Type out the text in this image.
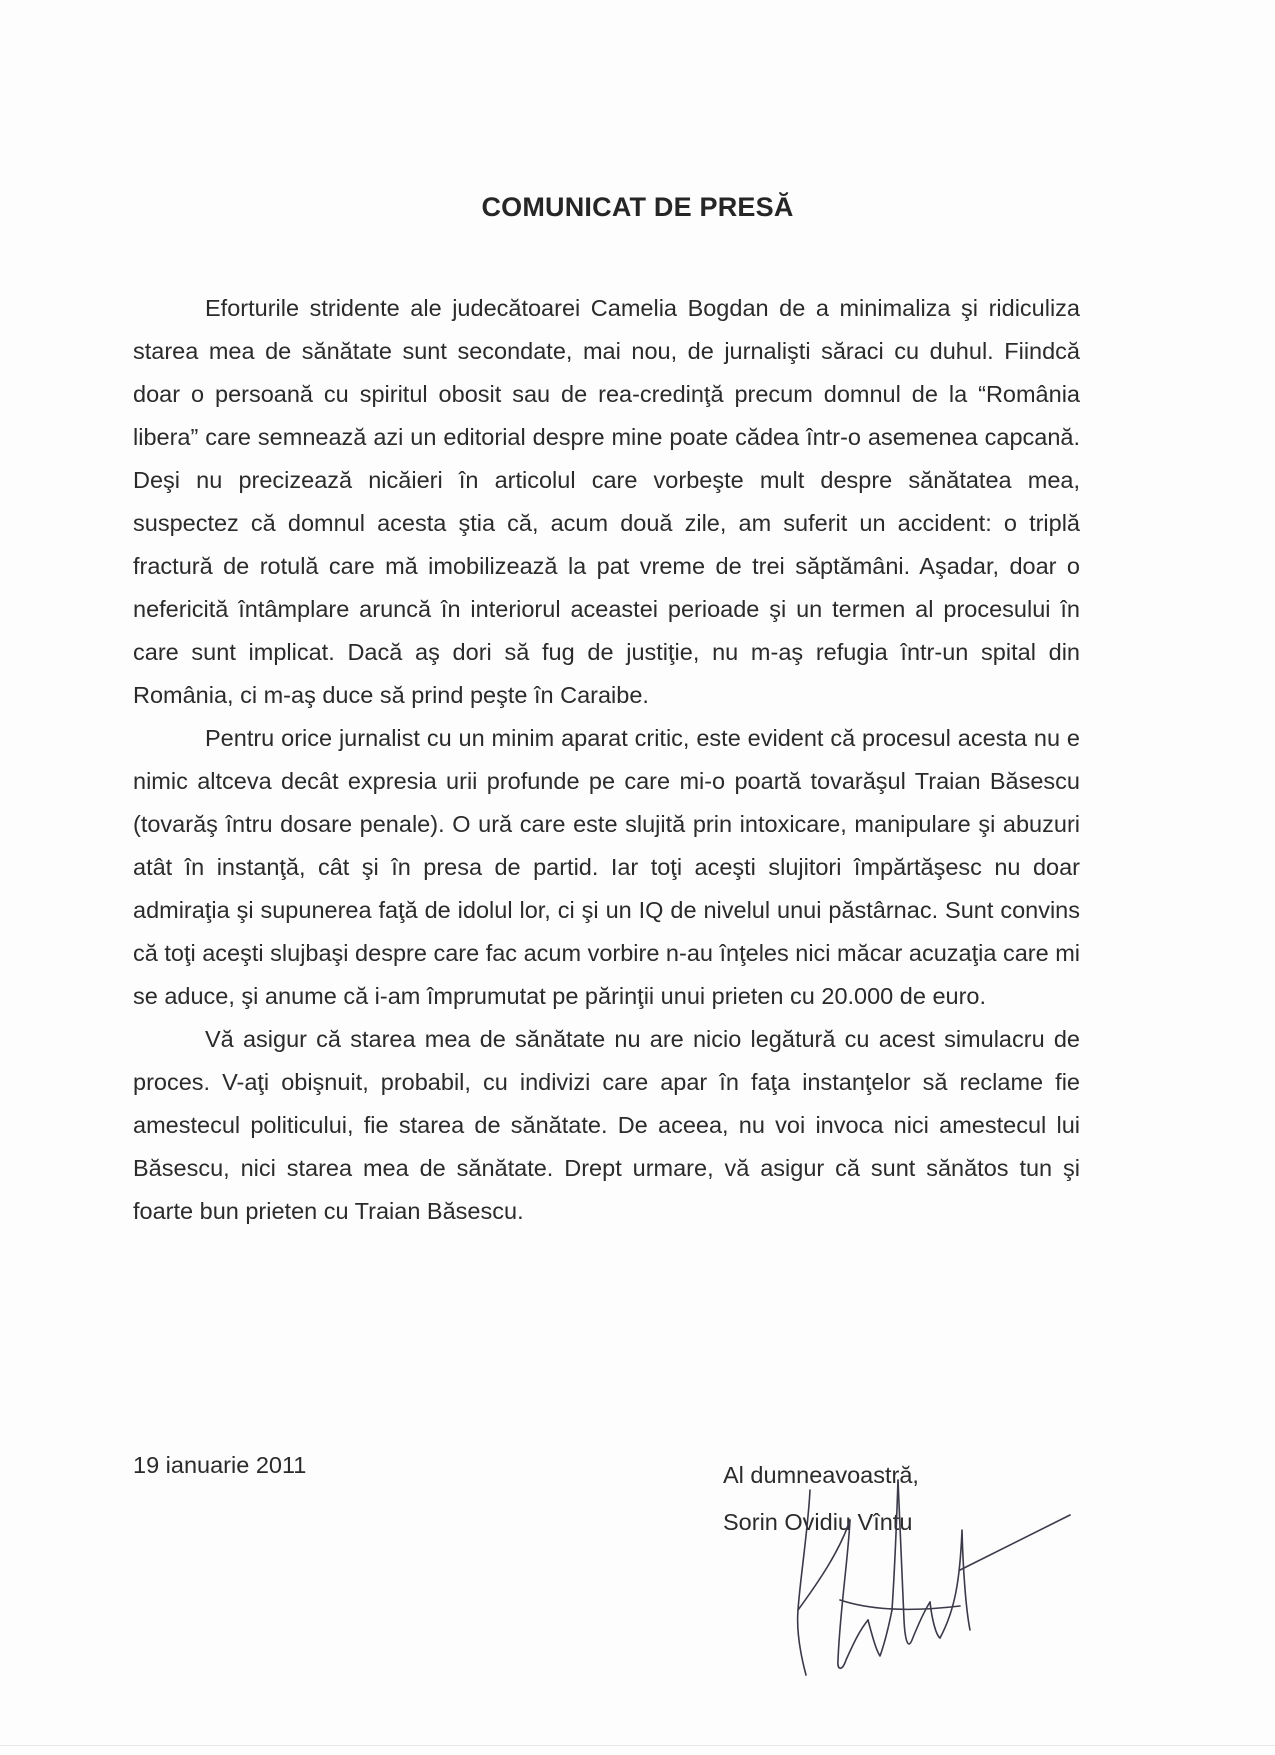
COMUNICAT DE PRESĂ

Eforturile stridente ale judecătoarei Camelia Bogdan de a minimaliza şi ridiculiza starea mea de sănătate sunt secondate, mai nou, de jurnalişti săraci cu duhul. Fiindcă doar o persoană cu spiritul obosit sau de rea-credinţă precum domnul de la “România libera” care semnează azi un editorial despre mine poate cădea într-o asemenea capcană. Deşi nu precizează nicăieri în articolul care vorbeşte mult despre sănătatea mea, suspectez că domnul acesta ştia că, acum două zile, am suferit un accident: o triplă fractură de rotulă care mă imobilizează la pat vreme de trei săptămâni. Aşadar, doar o nefericită întâmplare aruncă în interiorul aceastei perioade şi un termen al procesului în care sunt implicat. Dacă aş dori să fug de justiţie, nu m-aş refugia într-un spital din România, ci m-aş duce să prind peşte în Caraibe.

Pentru orice jurnalist cu un minim aparat critic, este evident că procesul acesta nu e nimic altceva decât expresia urii profunde pe care mi-o poartă tovarăşul Traian Băsescu (tovarăş întru dosare penale). O ură care este slujită prin intoxicare, manipulare şi abuzuri atât în instanţă, cât şi în presa de partid. Iar toţi aceşti slujitori împărtăşesc nu doar admiraţia şi supunerea faţă de idolul lor, ci şi un IQ de nivelul unui păstârnac. Sunt convins că toţi aceşti slujbaşi despre care fac acum vorbire n-au înţeles nici măcar acuzaţia care mi se aduce, şi anume că i-am împrumutat pe părinţii unui prieten cu 20.000 de euro.

Vă asigur că starea mea de sănătate nu are nicio legătură cu acest simulacru de proces. V-aţi obişnuit, probabil, cu indivizi care apar în faţa instanţelor să reclame fie amestecul politicului, fie starea de sănătate. De aceea, nu voi invoca nici amestecul lui Băsescu, nici starea mea de sănătate. Drept urmare, vă asigur că sunt sănătos tun şi foarte bun prieten cu Traian Băsescu.

19 ianuarie 2011	Al dumneavoastră,
Sorin Ovidiu Vîntu
